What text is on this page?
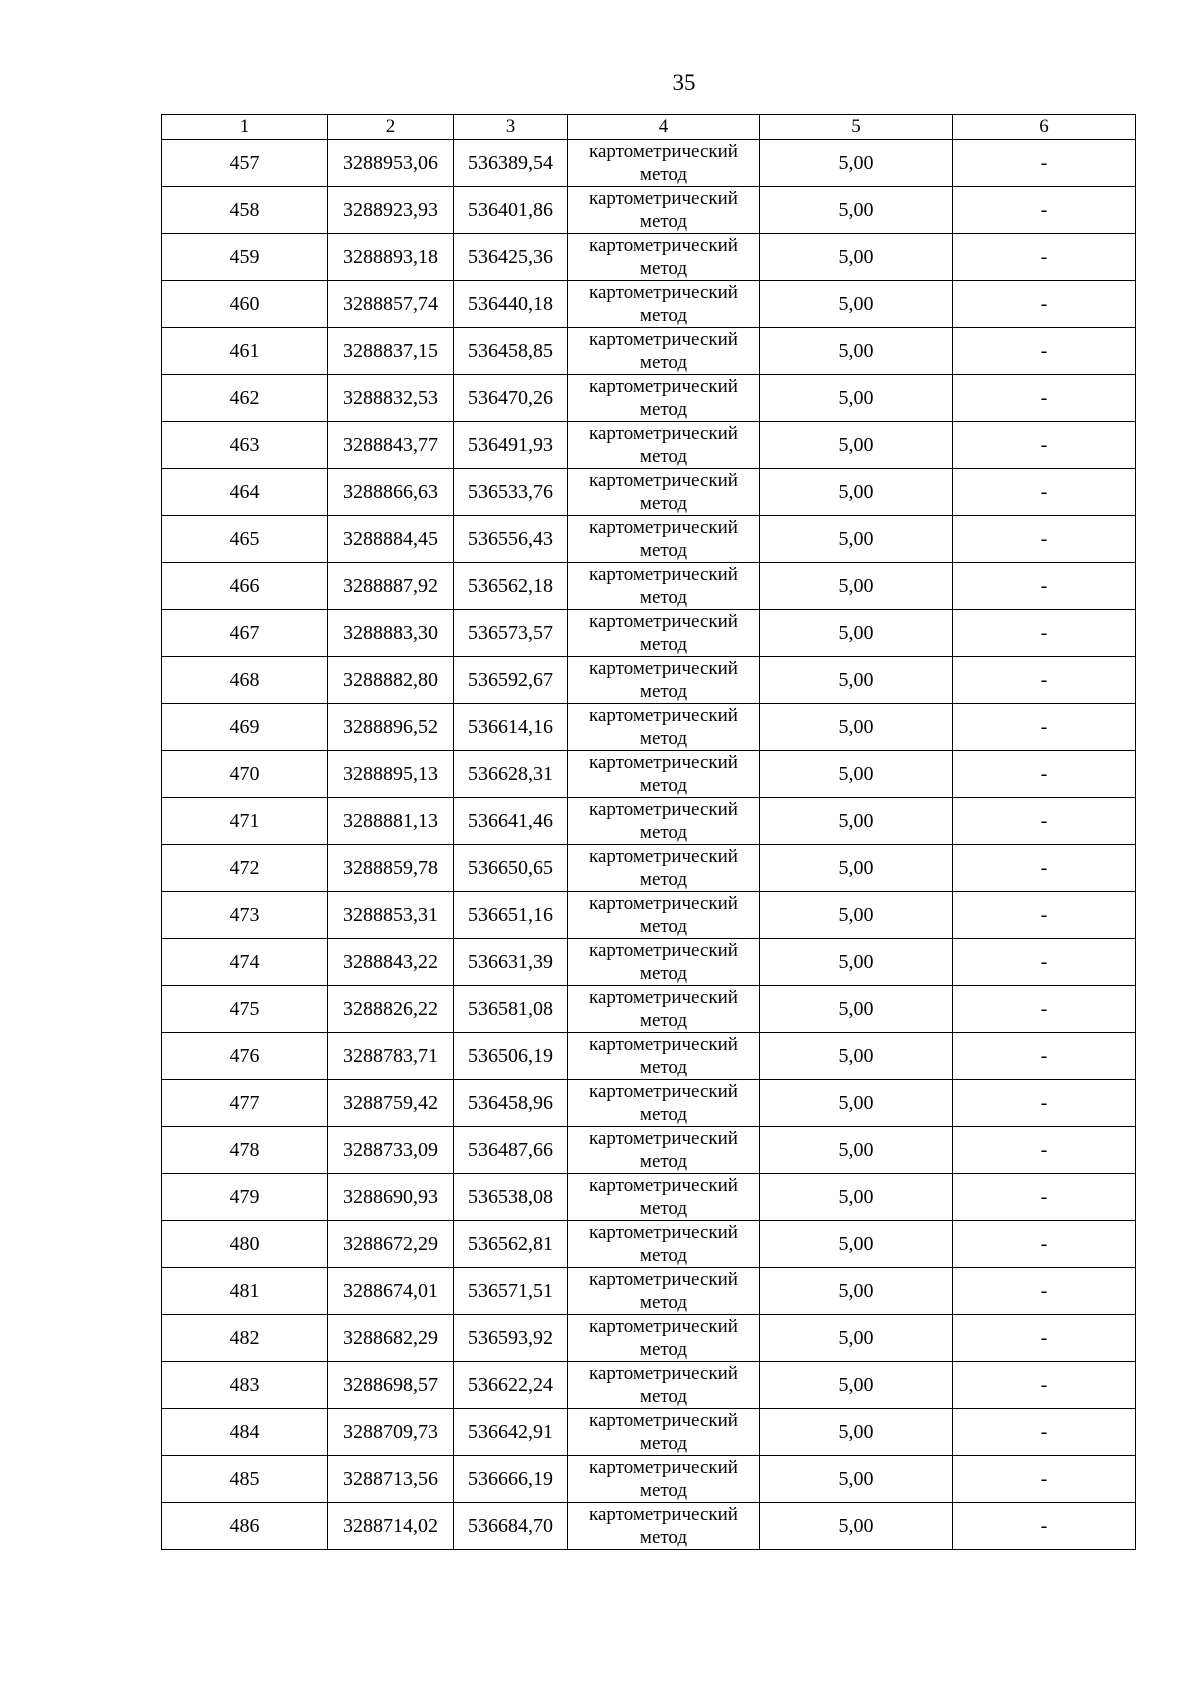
35
1	2	3	4	5	6
457	3288953,06	536389,54	картометрический метод	5,00	-
458	3288923,93	536401,86	картометрический метод	5,00	-
459	3288893,18	536425,36	картометрический метод	5,00	-
460	3288857,74	536440,18	картометрический метод	5,00	-
461	3288837,15	536458,85	картометрический метод	5,00	-
462	3288832,53	536470,26	картометрический метод	5,00	-
463	3288843,77	536491,93	картометрический метод	5,00	-
464	3288866,63	536533,76	картометрический метод	5,00	-
465	3288884,45	536556,43	картометрический метод	5,00	-
466	3288887,92	536562,18	картометрический метод	5,00	-
467	3288883,30	536573,57	картометрический метод	5,00	-
468	3288882,80	536592,67	картометрический метод	5,00	-
469	3288896,52	536614,16	картометрический метод	5,00	-
470	3288895,13	536628,31	картометрический метод	5,00	-
471	3288881,13	536641,46	картометрический метод	5,00	-
472	3288859,78	536650,65	картометрический метод	5,00	-
473	3288853,31	536651,16	картометрический метод	5,00	-
474	3288843,22	536631,39	картометрический метод	5,00	-
475	3288826,22	536581,08	картометрический метод	5,00	-
476	3288783,71	536506,19	картометрический метод	5,00	-
477	3288759,42	536458,96	картометрический метод	5,00	-
478	3288733,09	536487,66	картометрический метод	5,00	-
479	3288690,93	536538,08	картометрический метод	5,00	-
480	3288672,29	536562,81	картометрический метод	5,00	-
481	3288674,01	536571,51	картометрический метод	5,00	-
482	3288682,29	536593,92	картометрический метод	5,00	-
483	3288698,57	536622,24	картометрический метод	5,00	-
484	3288709,73	536642,91	картометрический метод	5,00	-
485	3288713,56	536666,19	картометрический метод	5,00	-
486	3288714,02	536684,70	картометрический метод	5,00	-
